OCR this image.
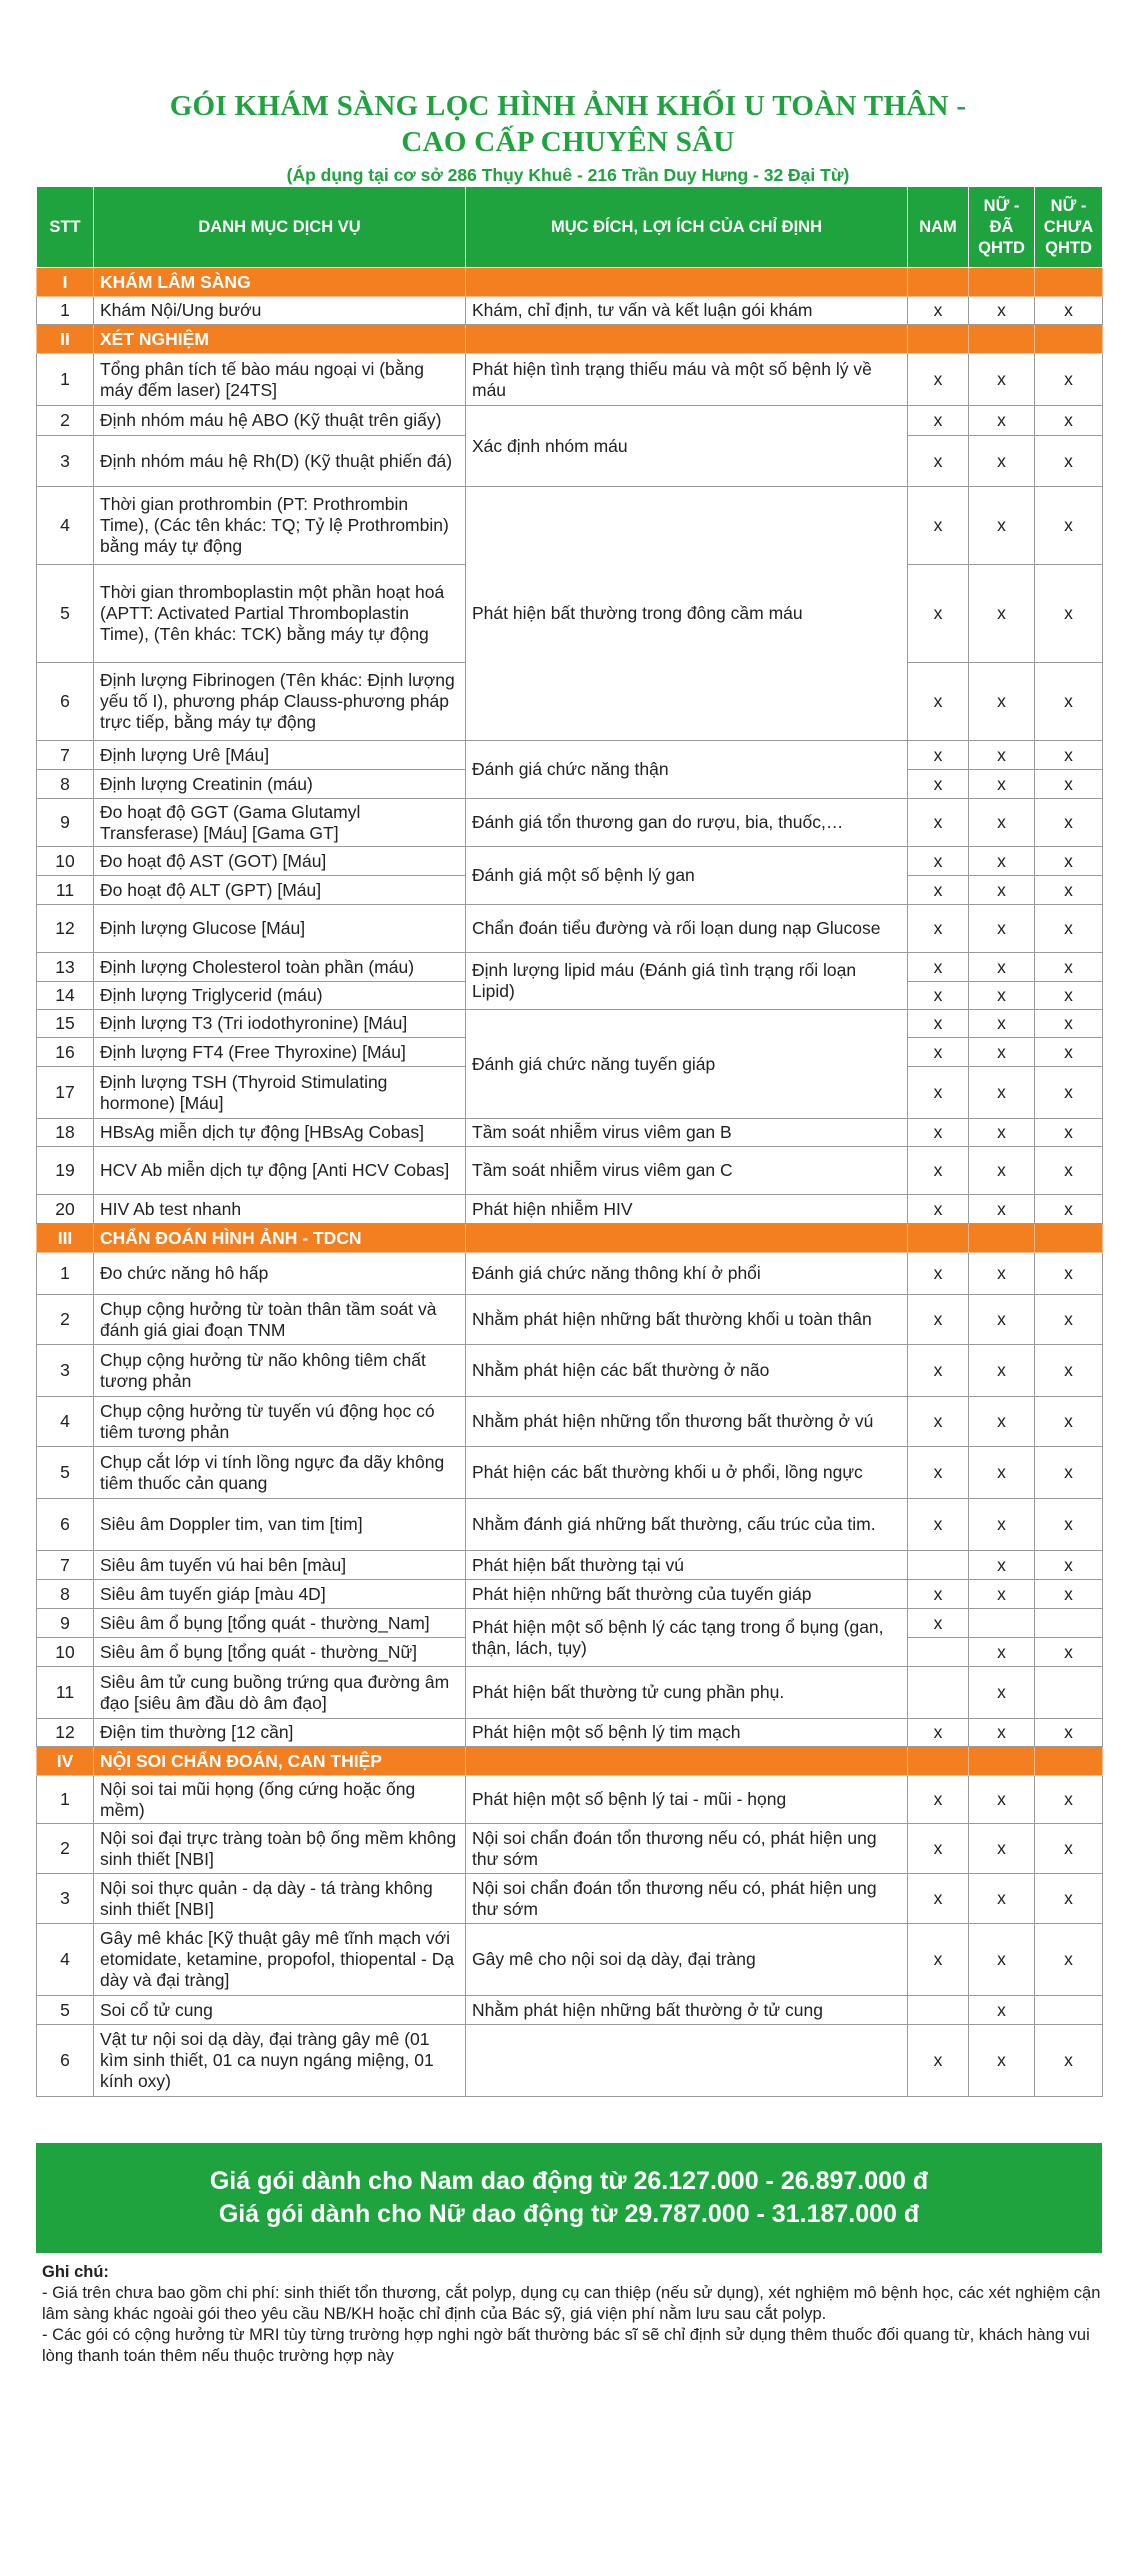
GÓI KHÁM SÀNG LỌC HÌNH ẢNH KHỐI U TOÀN THÂN -
CAO CẤP CHUYÊN SÂU
(Áp dụng tại cơ sở 286 Thụy Khuê - 216 Trần Duy Hưng - 32 Đại Từ)
STT	DANH MỤC DỊCH VỤ	MỤC ĐÍCH, LỢI ÍCH CỦA CHỈ ĐỊNH	NAM	NỮ - ĐÃ QHTD	NỮ - CHƯA QHTD
I	KHÁM LÂM SÀNG				
1	Khám Nội/Ung bướu	Khám, chỉ định, tư vấn và kết luận gói khám	x	x	x
II	XÉT NGHIỆM				
1	Tổng phân tích tế bào máu ngoại vi (bằng máy đếm laser) [24TS]	Phát hiện tình trạng thiếu máu và một số bệnh lý về máu	x	x	x
2	Định nhóm máu hệ ABO (Kỹ thuật trên giấy)	Xác định nhóm máu	x	x	x
3	Định nhóm máu hệ Rh(D) (Kỹ thuật phiến đá)		x	x	x
4	Thời gian prothrombin (PT: Prothrombin Time), (Các tên khác: TQ; Tỷ lệ Prothrombin) bằng máy tự động	Phát hiện bất thường trong đông cầm máu	x	x	x
5	Thời gian thromboplastin một phần hoạt hoá (APTT: Activated Partial Thromboplastin Time), (Tên khác: TCK) bằng máy tự động		x	x	x
6	Định lượng Fibrinogen (Tên khác: Định lượng yếu tố I), phương pháp Clauss-phương pháp trực tiếp, bằng máy tự động		x	x	x
7	Định lượng Urê [Máu]	Đánh giá chức năng thận	x	x	x
8	Định lượng Creatinin (máu)		x	x	x
9	Đo hoạt độ GGT (Gama Glutamyl Transferase) [Máu] [Gama GT]	Đánh giá tổn thương gan do rượu, bia, thuốc,…	x	x	x
10	Đo hoạt độ AST (GOT) [Máu]	Đánh giá một số bệnh lý gan	x	x	x
11	Đo hoạt độ ALT (GPT) [Máu]		x	x	x
12	Định lượng Glucose [Máu]	Chẩn đoán tiểu đường và rối loạn dung nạp Glucose	x	x	x
13	Định lượng Cholesterol toàn phần (máu)	Định lượng lipid máu (Đánh giá tình trạng rối loạn Lipid)	x	x	x
14	Định lượng Triglycerid (máu)		x	x	x
15	Định lượng T3 (Tri iodothyronine) [Máu]	Đánh giá chức năng tuyến giáp	x	x	x
16	Định lượng FT4 (Free Thyroxine) [Máu]		x	x	x
17	Định lượng TSH (Thyroid Stimulating hormone) [Máu]		x	x	x
18	HBsAg miễn dịch tự động [HBsAg Cobas]	Tầm soát nhiễm virus viêm gan B	x	x	x
19	HCV Ab miễn dịch tự động [Anti HCV Cobas]	Tầm soát nhiễm virus viêm gan C	x	x	x
20	HIV Ab test nhanh	Phát hiện nhiễm HIV	x	x	x
III	CHẨN ĐOÁN HÌNH ẢNH - TDCN				
1	Đo chức năng hô hấp	Đánh giá chức năng thông khí ở phổi	x	x	x
2	Chụp cộng hưởng từ toàn thân tầm soát và đánh giá giai đoạn TNM	Nhằm phát hiện những bất thường khối u toàn thân	x	x	x
3	Chụp cộng hưởng từ não không tiêm chất tương phản	Nhằm phát hiện các bất thường ở não	x	x	x
4	Chụp cộng hưởng từ tuyến vú động học có tiêm tương phản	Nhằm phát hiện những tổn thương bất thường ở vú	x	x	x
5	Chụp cắt lớp vi tính lồng ngực đa dãy không tiêm thuốc cản quang	Phát hiện các bất thường khối u ở phổi, lồng ngực	x	x	x
6	Siêu âm Doppler tim, van tim [tim]	Nhằm đánh giá những bất thường, cấu trúc của tim.	x	x	x
7	Siêu âm tuyến vú hai bên [màu]	Phát hiện bất thường tại vú		x	x
8	Siêu âm tuyến giáp [màu 4D]	Phát hiện những bất thường của tuyến giáp	x	x	x
9	Siêu âm ổ bụng [tổng quát - thường_Nam]	Phát hiện một số bệnh lý các tạng trong ổ bụng (gan, thận, lách, tụy)	x		
10	Siêu âm ổ bụng [tổng quát - thường_Nữ]			x	x
11	Siêu âm tử cung buồng trứng qua đường âm đạo [siêu âm đầu dò âm đạo]	Phát hiện bất thường tử cung phần phụ.		x	
12	Điện tim thường [12 cần]	Phát hiện một số bệnh lý tim mạch	x	x	x
IV	NỘI SOI CHẨN ĐOÁN, CAN THIỆP				
1	Nội soi tai mũi họng (ống cứng hoặc ống mềm)	Phát hiện một số bệnh lý tai - mũi - họng	x	x	x
2	Nội soi đại trực tràng toàn bộ ống mềm không sinh thiết [NBI]	Nội soi chẩn đoán tổn thương nếu có, phát hiện ung thư sớm	x	x	x
3	Nội soi thực quản - dạ dày - tá tràng không sinh thiết [NBI]	Nội soi chẩn đoán tổn thương nếu có, phát hiện ung thư sớm	x	x	x
4	Gây mê khác [Kỹ thuật gây mê tĩnh mạch với etomidate, ketamine, propofol, thiopental - Dạ dày và đại tràng]	Gây mê cho nội soi dạ dày, đại tràng	x	x	x
5	Soi cổ tử cung	Nhằm phát hiện những bất thường ở tử cung		x	
6	Vật tư nội soi dạ dày, đại tràng gây mê (01 kìm sinh thiết, 01 ca nuyn ngáng miệng, 01 kính oxy)		x	x	x
Giá gói dành cho Nam dao động từ 26.127.000 - 26.897.000 đ
Giá gói dành cho Nữ dao động từ 29.787.000 - 31.187.000 đ
Ghi chú:
- Giá trên chưa bao gồm chi phí: sinh thiết tổn thương, cắt polyp, dụng cụ can thiệp (nếu sử dụng), xét nghiệm mô bệnh học, các xét nghiệm cận lâm sàng khác ngoài gói theo yêu cầu NB/KH hoặc chỉ định của Bác sỹ, giá viện phí nằm lưu sau cắt polyp.
- Các gói có cộng hưởng từ MRI tùy từng trường hợp nghi ngờ bất thường bác sĩ sẽ chỉ định sử dụng thêm thuốc đối quang từ, khách hàng vui lòng thanh toán thêm nếu thuộc trường hợp này
